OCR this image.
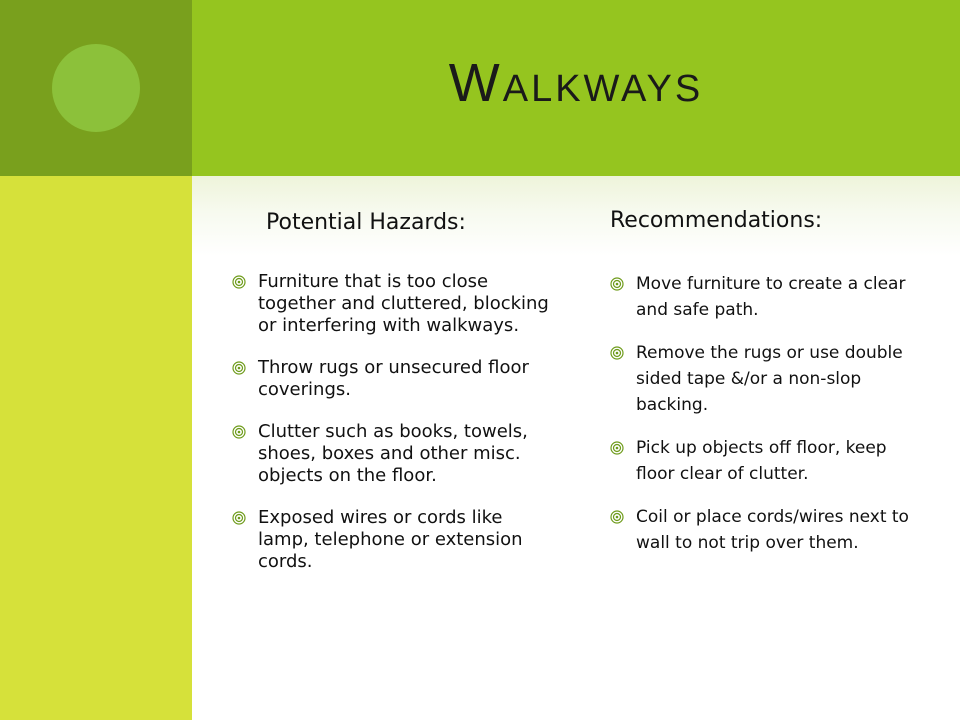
Walkways
Potential Hazards:
Furniture that is too close together and cluttered, blocking or interfering with walkways.
Throw rugs or unsecured floor coverings.
Clutter such as books, towels, shoes, boxes and other misc. objects on the floor.
Exposed wires or cords like lamp, telephone or extension cords.
Recommendations:
Move furniture to create a clear and safe path.
Remove the rugs or use double sided tape &/or a non-slop backing.
Pick up objects off floor, keep floor clear of clutter.
Coil or place cords/wires next to wall to not trip over them.
